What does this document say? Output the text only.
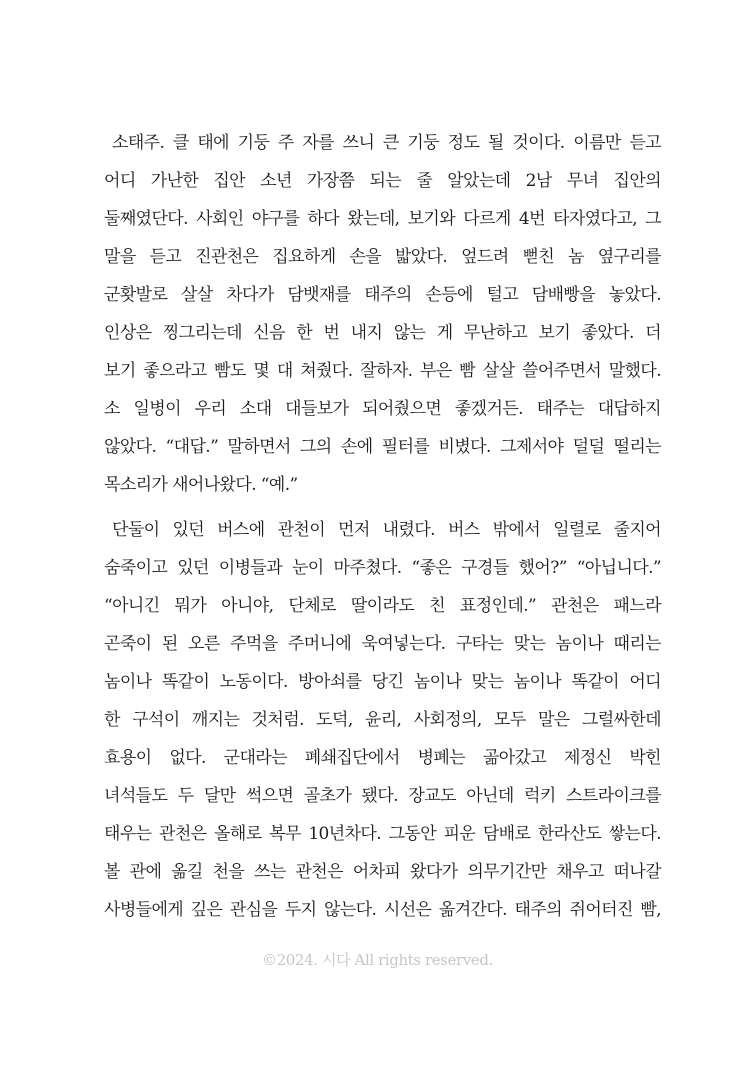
소태주. 클 태에 기둥 주 자를 쓰니 큰 기둥 정도 될 것이다. 이름만 듣고
어디 가난한 집안 소년 가장쯤 되는 줄 알았는데 2남 무녀 집안의
둘째였단다. 사회인 야구를 하다 왔는데, 보기와 다르게 4번 타자였다고, 그
말을 듣고 진관천은 집요하게 손을 밟았다. 엎드려 뻗친 놈 옆구리를
군홧발로 살살 차다가 담뱃재를 태주의 손등에 털고 담배빵을 놓았다.
인상은 찡그리는데 신음 한 번 내지 않는 게 무난하고 보기 좋았다. 더
보기 좋으라고 빰도 몇 대 쳐줬다. 잘하자. 부은 빰 살살 쓸어주면서 말했다.
소 일병이 우리 소대 대들보가 되어줬으면 좋겠거든. 태주는 대답하지
않았다. “대답.” 말하면서 그의 손에 필터를 비볐다. 그제서야 덜덜 떨리는
목소리가 새어나왔다. “예.”
단둘이 있던 버스에 관천이 먼저 내렸다. 버스 밖에서 일렬로 줄지어
숨죽이고 있던 이병들과 눈이 마주쳤다. “좋은 구경들 했어?” “아닙니다.”
“아니긴 뭐가 아니야, 단체로 딸이라도 친 표정인데.” 관천은 패느라
곤죽이 된 오른 주먹을 주머니에 욱여넣는다. 구타는 맞는 놈이나 때리는
놈이나 똑같이 노동이다. 방아쇠를 당긴 놈이나 맞는 놈이나 똑같이 어디
한 구석이 깨지는 것처럼. 도덕, 윤리, 사회정의, 모두 말은 그럴싸한데
효용이 없다. 군대라는 폐쇄집단에서 병폐는 곪아갔고 제정신 박힌
녀석들도 두 달만 썩으면 골초가 됐다. 장교도 아닌데 럭키 스트라이크를
태우는 관천은 올해로 복무 10년차다. 그동안 피운 담배로 한라산도 쌓는다.
볼 관에 옮길 천을 쓰는 관천은 어차피 왔다가 의무기간만 채우고 떠나갈
사병들에게 깊은 관심을 두지 않는다. 시선은 옮겨간다. 태주의 쥐어터진 빰,
©2024. 시다 All rights reserved.
